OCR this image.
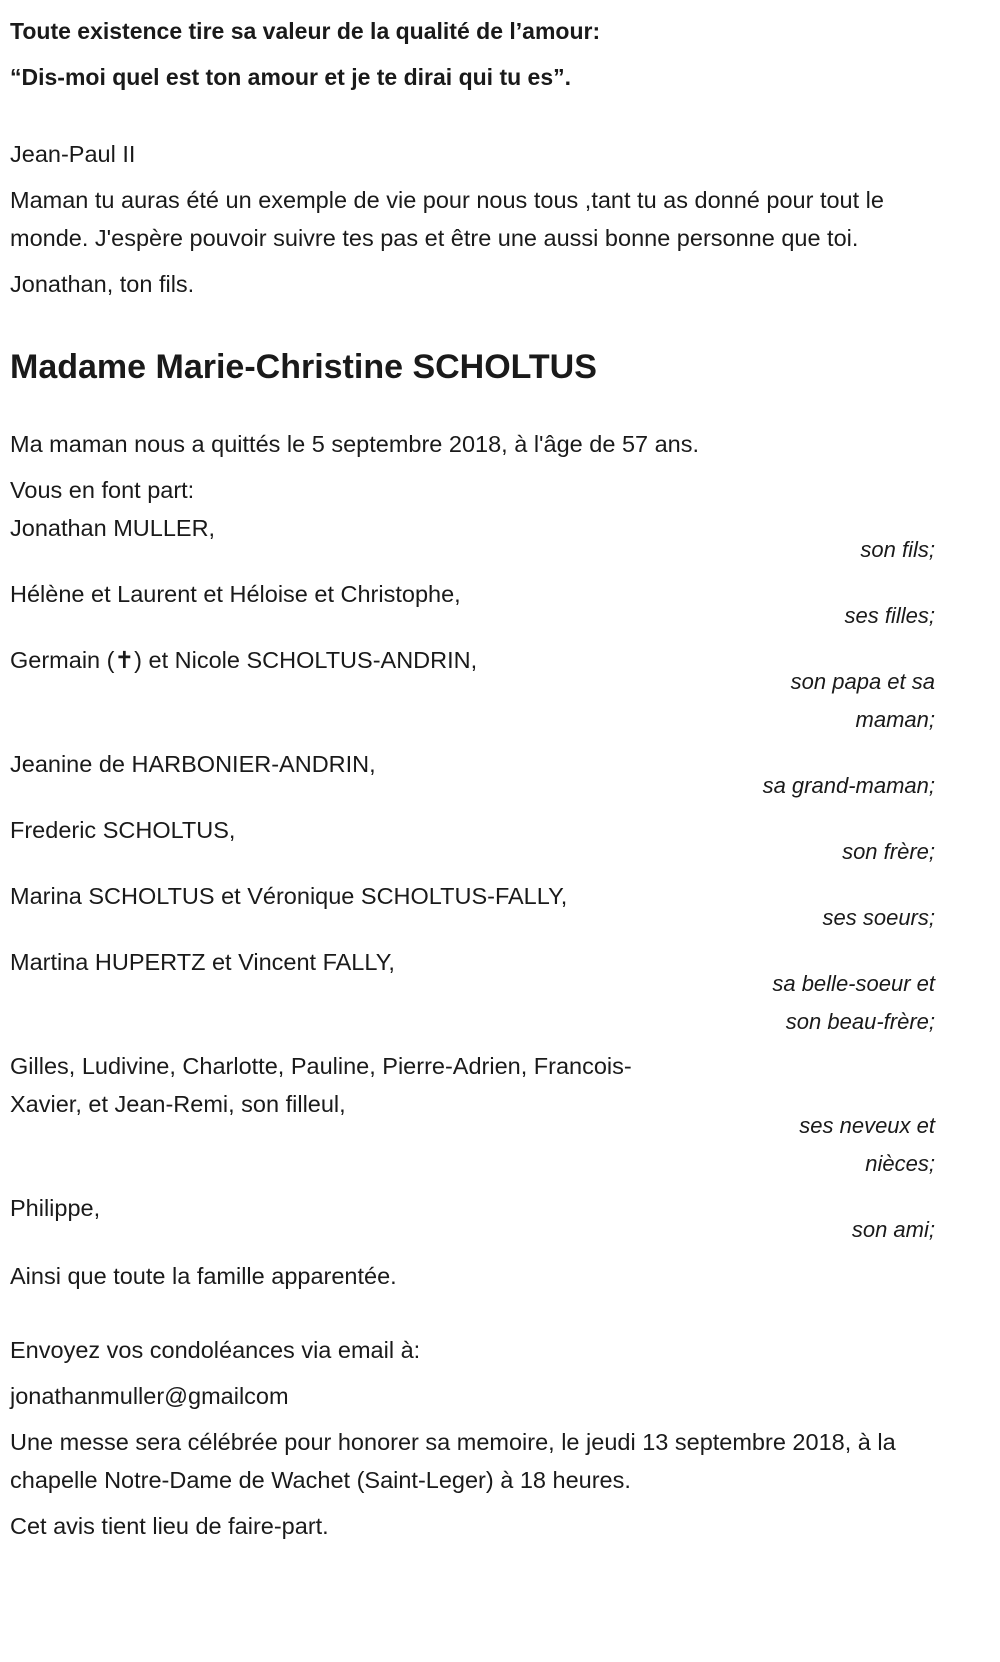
Toute existence tire sa valeur de la qualité de l’amour:

“Dis-moi quel est ton amour et je te dirai qui tu es”.

Jean-Paul II

Maman tu auras été un exemple de vie pour nous tous ,tant tu as donné pour tout le monde. J'espère pouvoir suivre tes pas et être une aussi bonne personne que toi.

Jonathan, ton fils.

Madame Marie-Christine SCHOLTUS

Ma maman nous a quittés le 5 septembre 2018, à l'âge de 57 ans.

Vous en font part:

Jonathan MULLER,
son fils;
Hélène et Laurent et Héloise et Christophe,
ses filles;
Germain (✝) et Nicole SCHOLTUS-ANDRIN,
son papa et sa maman;
Jeanine de HARBONIER-ANDRIN,
sa grand-maman;
Frederic SCHOLTUS,
son frère;
Marina SCHOLTUS et Véronique SCHOLTUS-FALLY,
ses soeurs;
Martina HUPERTZ et Vincent FALLY,
sa belle-soeur et son beau-frère;
Gilles, Ludivine, Charlotte, Pauline, Pierre-Adrien, Francois-Xavier, et Jean-Remi, son filleul,
ses neveux et nièces;
Philippe,
son ami;

Ainsi que toute la famille apparentée.

Envoyez vos condoléances via email à:

jonathanmuller@gmailcom

Une messe sera célébrée pour honorer sa memoire, le jeudi 13 septembre 2018, à la chapelle Notre-Dame de Wachet (Saint-Leger) à 18 heures.

Cet avis tient lieu de faire-part.
